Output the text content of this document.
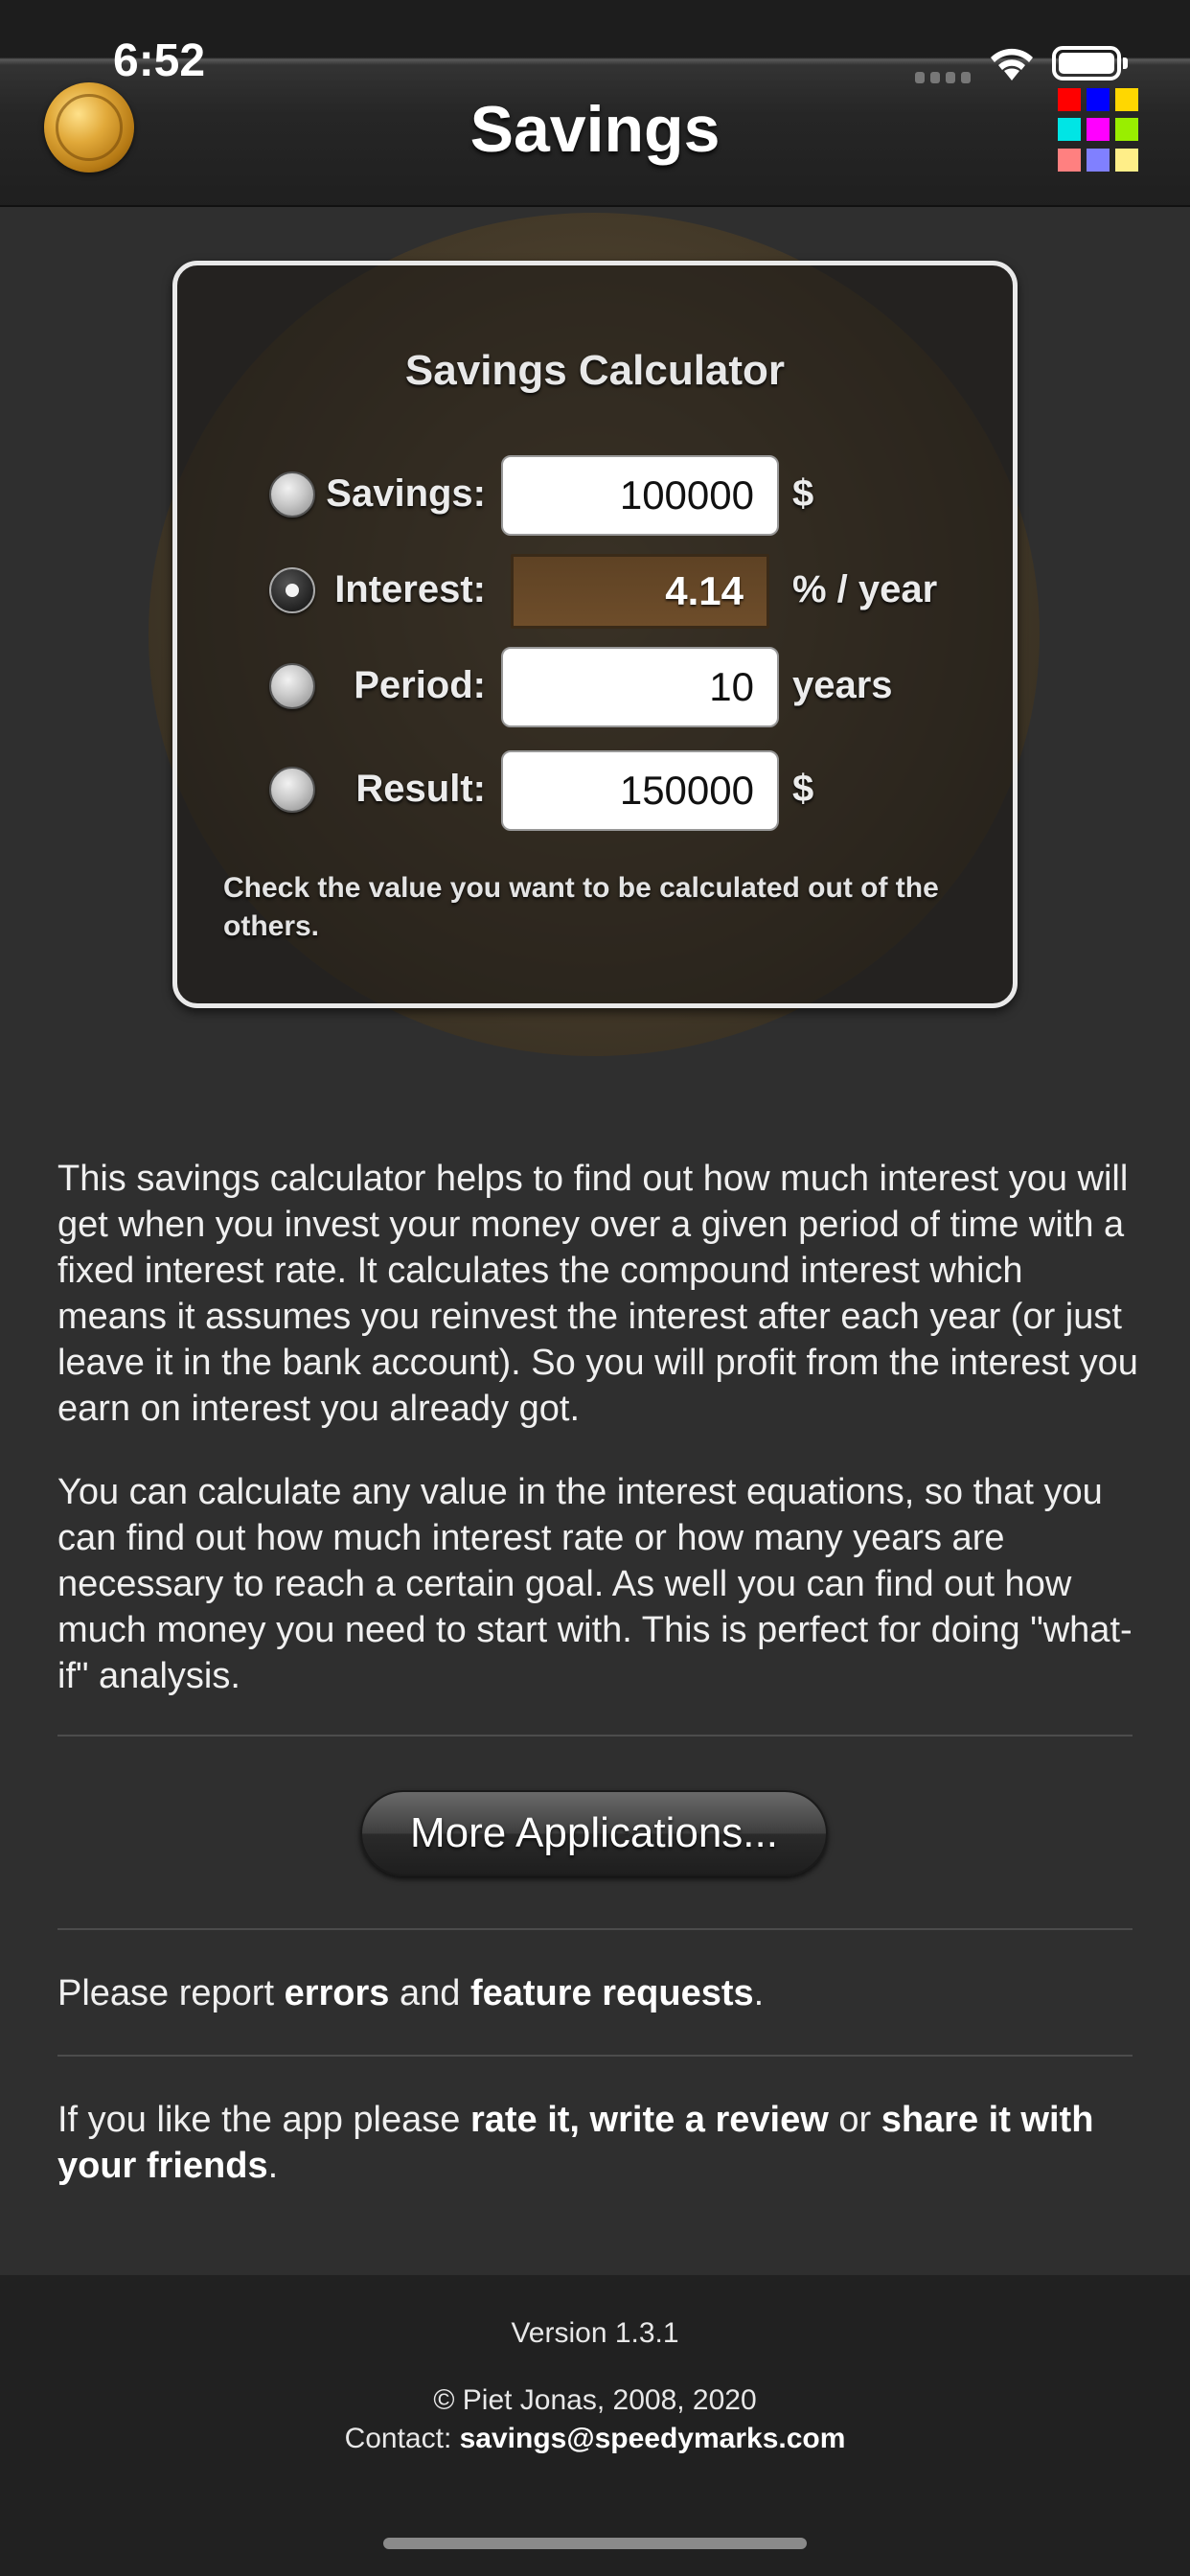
6:52
Savings
Savings Calculator
Savings:	100000	$
Interest:	4.14	% / year
Period:	10	years
Result:	150000	$
Check the value you want to be calculated out of the others.
This savings calculator helps to find out how much interest you will get when you invest your money over a given period of time with a fixed interest rate. It calculates the compound interest which means it assumes you reinvest the interest after each year (or just leave it in the bank account). So you will profit from the interest you earn on interest you already got.
You can calculate any value in the interest equations, so that you can find out how much interest rate or how many years are necessary to reach a certain goal. As well you can find out how much money you need to start with. This is perfect for doing "what-if" analysis.
More Applications...
Please report errors and feature requests.
If you like the app please rate it, write a review or share it with your friends.
Version 1.3.1
© Piet Jonas, 2008, 2020
Contact: savings@speedymarks.com
